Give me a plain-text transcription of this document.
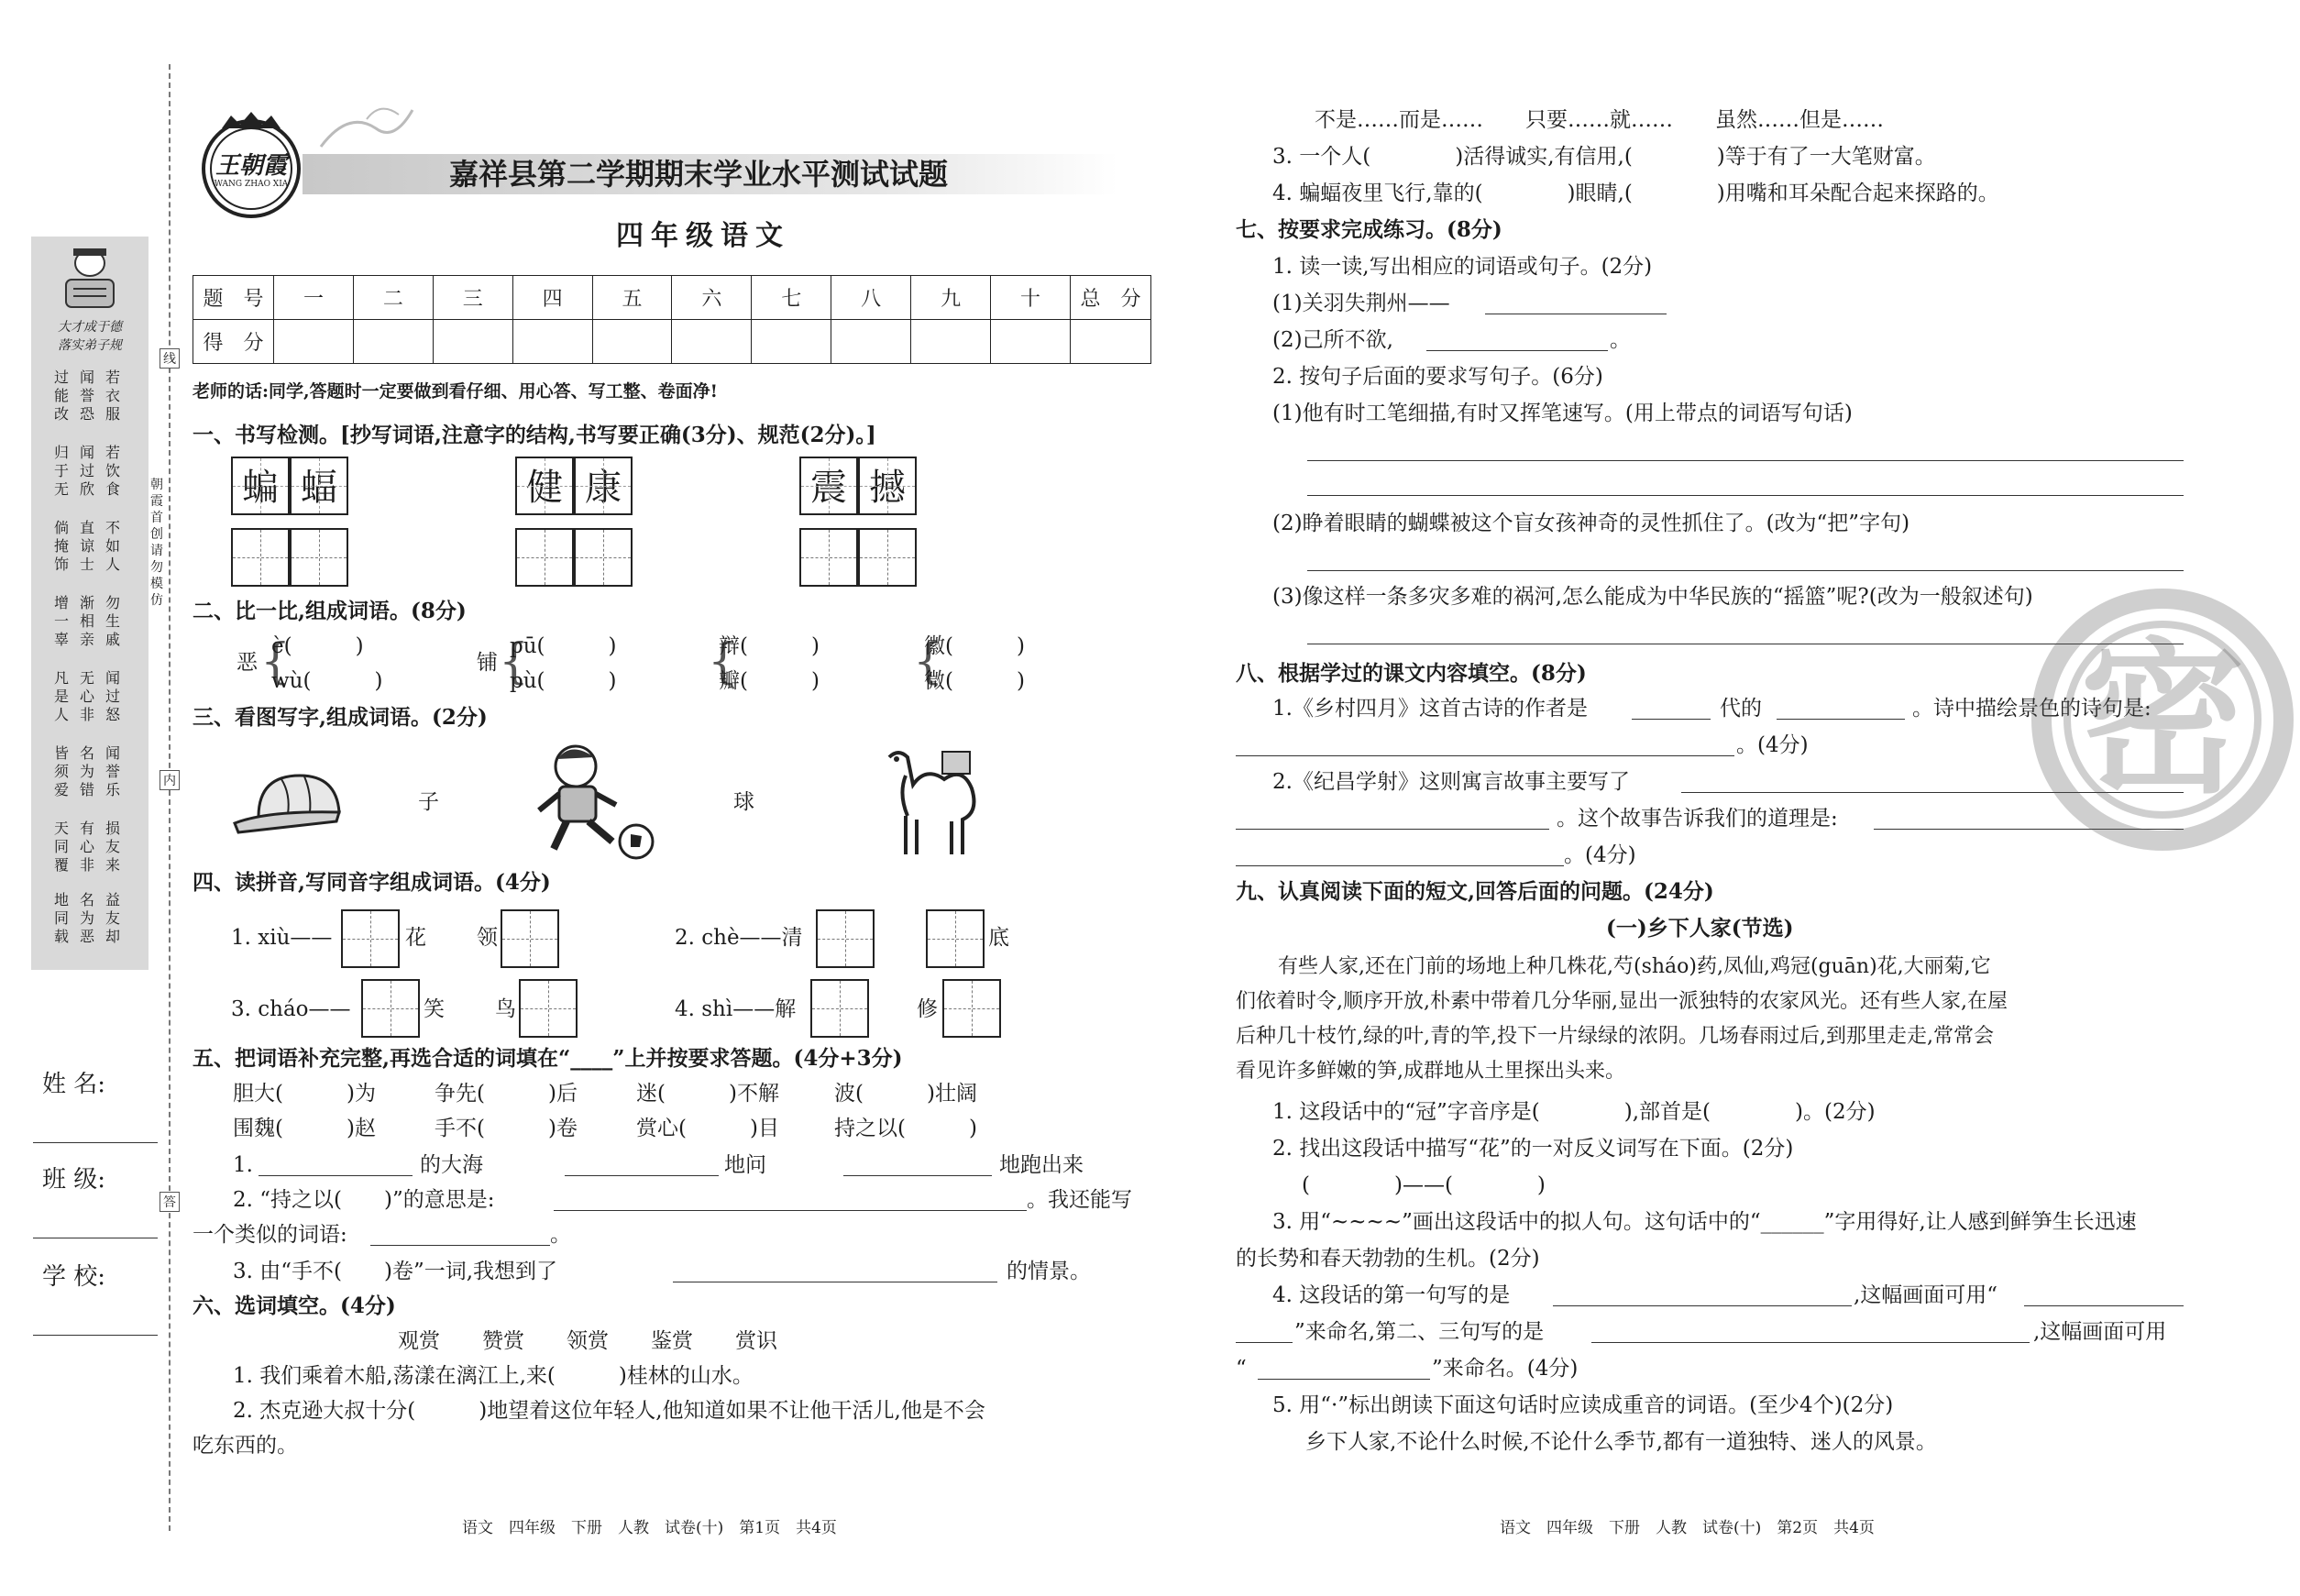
大才成于德
落实弟子规
过能改
闻誉恐
若衣服
归于无
闻过欣
若饮食
倘掩饰
直谅士
不如人
增一辜
渐相亲
勿生戚
凡是人
无心非
闻过怒
皆须爱
名为错
闻誉乐
天同覆
有心非
损友来
地同载
名为恶
益友却
姓 名:
班 级:
学 校:
线
内
答
朝霞首创 请勿模仿
王朝霞
WANG ZHAO XIA	嘉祥县第二学期期末学业水平测试试题
四年级语文
题　号	一	二	三	四	五	六	七	八	九	十	总　分
得　分											
老师的话:同学,答题时一定要做到看仔细、用心答、写工整、卷面净!
一、书写检测。[抄写词语,注意字的结构,书写要正确(3分)、规范(2分)。]
蝙 蝠	健 康	震 撼
二、比一比,组成词语。(8分)
恶 {
è(　　　)
wù(　　　)
铺 {
pū(　　　)
pù(　　　) {
辩(　　　)
瓣(　　　) {
徽(　　　)
微(　　　)
三、看图写字,组成词语。(2分)
子	球
四、读拼音,写同音字组成词语。(4分)
1. xiù——	花 领	2. chè——清	底
3. cháo——	笑 鸟	4. shì——解	修
五、把词语补充完整,再选合适的词填在“____”上并按要求答题。(4分+3分)
胆大(　　　)为	争先(　　　)后	迷(　　　)不解	波(　　　)壮阔
围魏(　　　)赵	手不(　　　)卷	赏心(　　　)目	持之以(　　　)
1.	的大海	地问	地跑出来
2. “持之以(　　)”的意思是:	。我还能写
一个类似的词语:	。
3. 由“手不(　　)卷”一词,我想到了	的情景。
六、选词填空。(4分)
观赏　　赞赏　　领赏　　鉴赏　　赏识
1. 我们乘着木船,荡漾在漓江上,来(　　　)桂林的山水。
2. 杰克逊大叔十分(　　　)地望着这位年轻人,他知道如果不让他干活儿,他是不会
吃东西的。
语文　四年级　下册　人教　试卷(十)　第1页　共4页
不是……而是……　　只要……就……　　虽然……但是……
3. 一个人(　　　　)活得诚实,有信用,(　　　　)等于有了一大笔财富。
4. 蝙蝠夜里飞行,靠的(　　　　)眼睛,(　　　　)用嘴和耳朵配合起来探路的。
七、按要求完成练习。(8分)
1. 读一读,写出相应的词语或句子。(2分)
(1)关羽失荆州——
(2)己所不欲,	。
2. 按句子后面的要求写句子。(6分)
(1)他有时工笔细描,有时又挥笔速写。(用上带点的词语写句话)
(2)睁着眼睛的蝴蝶被这个盲女孩神奇的灵性抓住了。(改为“把”字句)
(3)像这样一条多灾多难的祸河,怎么能成为中华民族的“摇篮”呢?(改为一般叙述句)
八、根据学过的课文内容填空。(8分)
1.《乡村四月》这首古诗的作者是	代的	。诗中描绘景色的诗句是:
。(4分)
2.《纪昌学射》这则寓言故事主要写了
。这个故事告诉我们的道理是:
。(4分)
九、认真阅读下面的短文,回答后面的问题。(24分)
(一)乡下人家(节选)
有些人家,还在门前的场地上种几株花,芍(sháo)药,凤仙,鸡冠(guān)花,大丽菊,它
们依着时令,顺序开放,朴素中带着几分华丽,显出一派独特的农家风光。还有些人家,在屋
后种几十枝竹,绿的叶,青的竿,投下一片绿绿的浓阴。几场春雨过后,到那里走走,常常会
看见许多鲜嫩的笋,成群地从土里探出头来。
1. 这段话中的“冠”字音序是(　　　　),部首是(　　　　)。(2分)
2. 找出这段话中描写“花”的一对反义词写在下面。(2分)
(　　　　)——(　　　　)
3. 用“~~~~”画出这段话中的拟人句。这句话中的“______”字用得好,让人感到鲜笋生长迅速
的长势和春天勃勃的生机。(2分)
4. 这段话的第一句写的是	,这幅画面可用“
”来命名,第二、三句写的是	,这幅画面可用
“	”来命名。(4分)
5. 用“·”标出朗读下面这句话时应读成重音的词语。(至少4个)(2分)
乡下人家,不论什么时候,不论什么季节,都有一道独特、迷人的风景。
密
语文　四年级　下册　人教　试卷(十)　第2页　共4页
